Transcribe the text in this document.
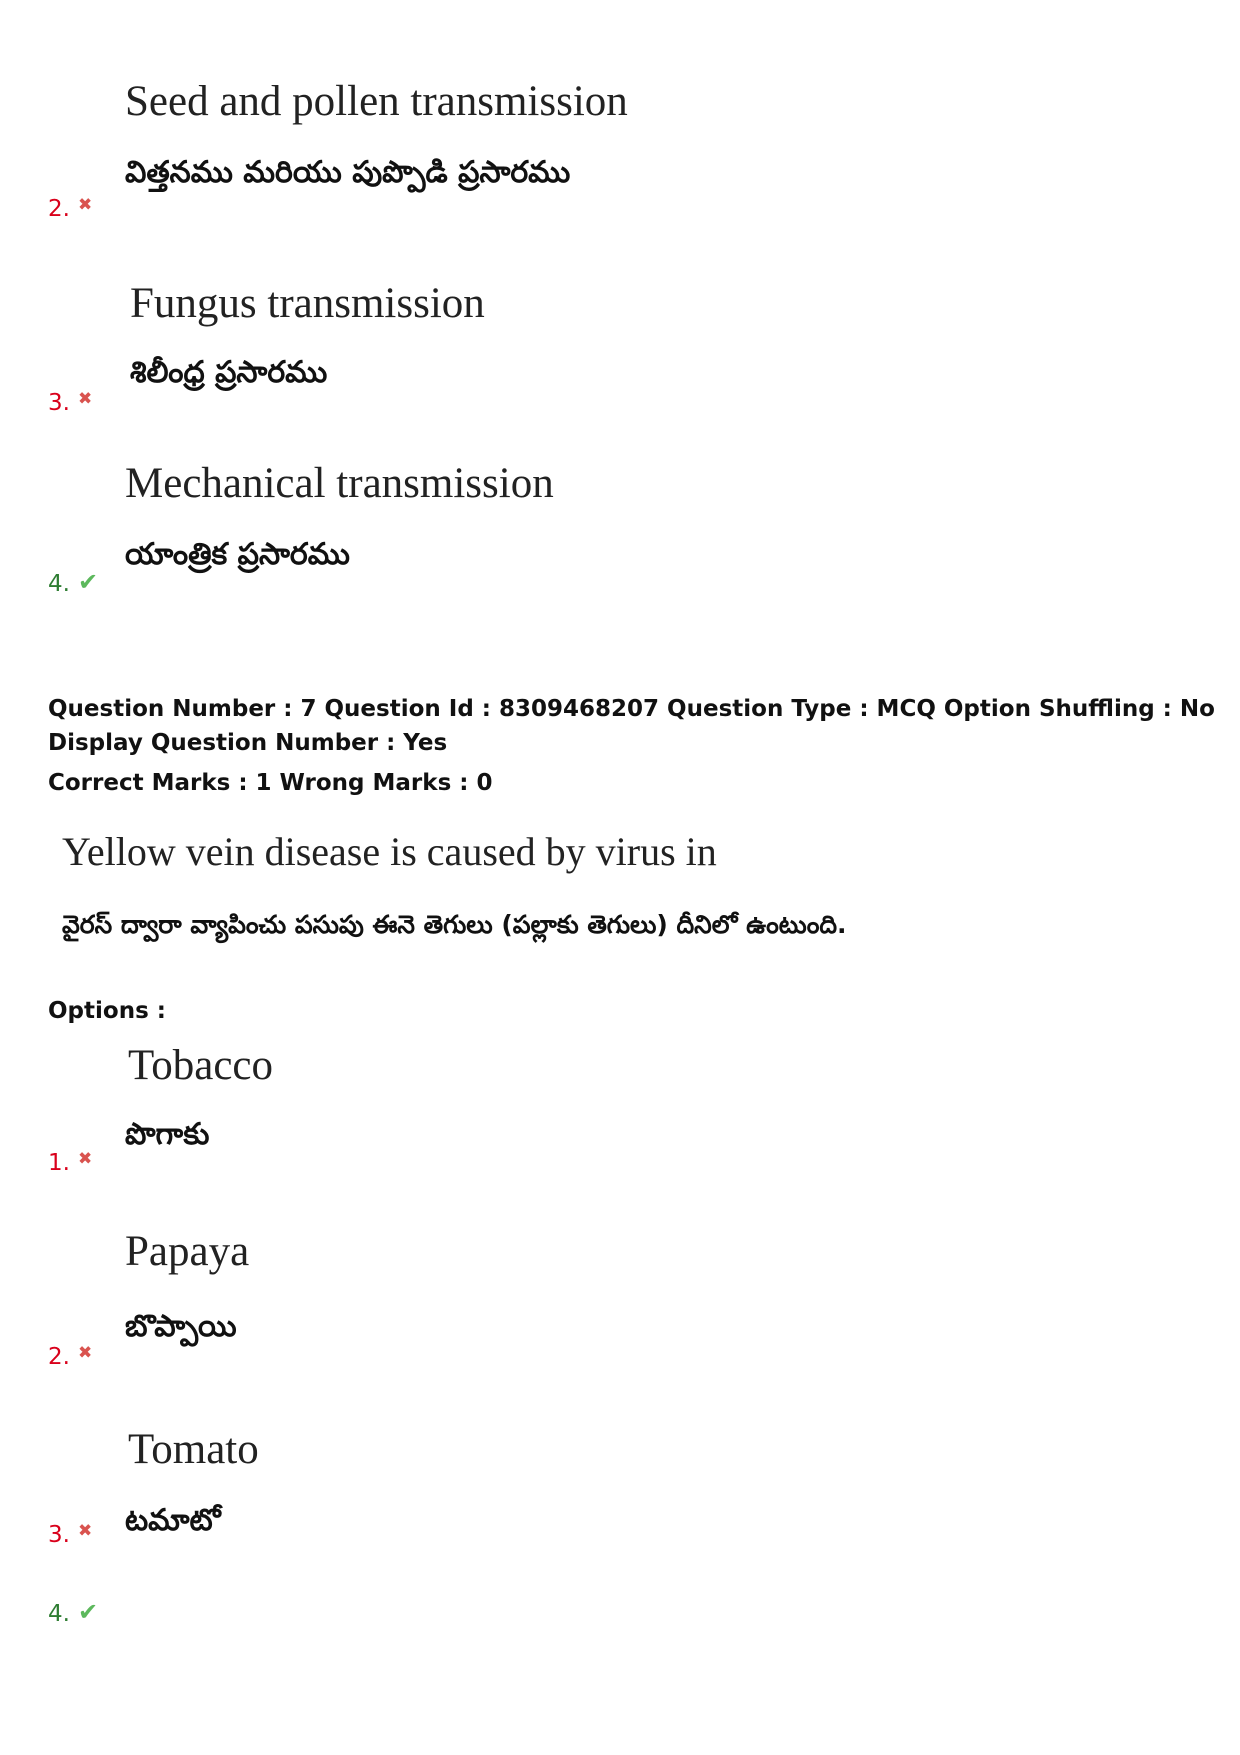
Seed and pollen transmission
విత్తనము మరియు పుప్పొడి ప్రసారము
2. ✖
Fungus transmission
శిలీంధ్ర ప్రసారము
3. ✖
Mechanical transmission
యాంత్రిక ప్రసారము
4. ✔
Question Number : 7 Question Id : 8309468207 Question Type : MCQ Option Shuffling : No
Display Question Number : Yes
Correct Marks : 1 Wrong Marks : 0
Yellow vein disease is caused by virus in
వైరస్ ద్వారా వ్యాపించు పసుపు ఈనె తెగులు (పల్లాకు తెగులు) దీనిలో ఉంటుంది.
Options :
Tobacco
పొగాకు
1. ✖
Papaya
బొప్పాయి
2. ✖
Tomato
టమాటో
3. ✖
4. ✔
